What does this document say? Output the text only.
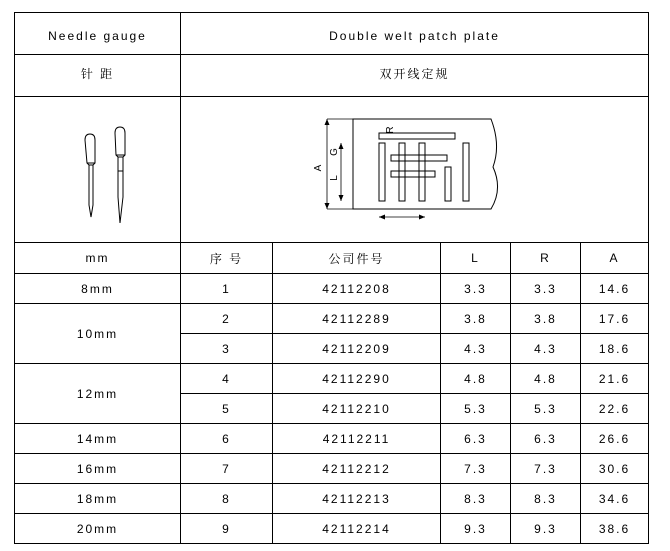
Needle gauge	Double welt patch plate				
针 距	双开线定规				

A
L
G
R				

mm	序 号	公司件号	L	R	A
8mm	1	42112208	3.3	3.3	14.6
10mm	2	42112289	3.8	3.8	17.6
	3	42112209	4.3	4.3	18.6
12mm	4	42112290	4.8	4.8	21.6
	5	42112210	5.3	5.3	22.6
14mm	6	42112211	6.3	6.3	26.6
16mm	7	42112212	7.3	7.3	30.6
18mm	8	42112213	8.3	8.3	34.6
20mm	9	42112214	9.3	9.3	38.6
